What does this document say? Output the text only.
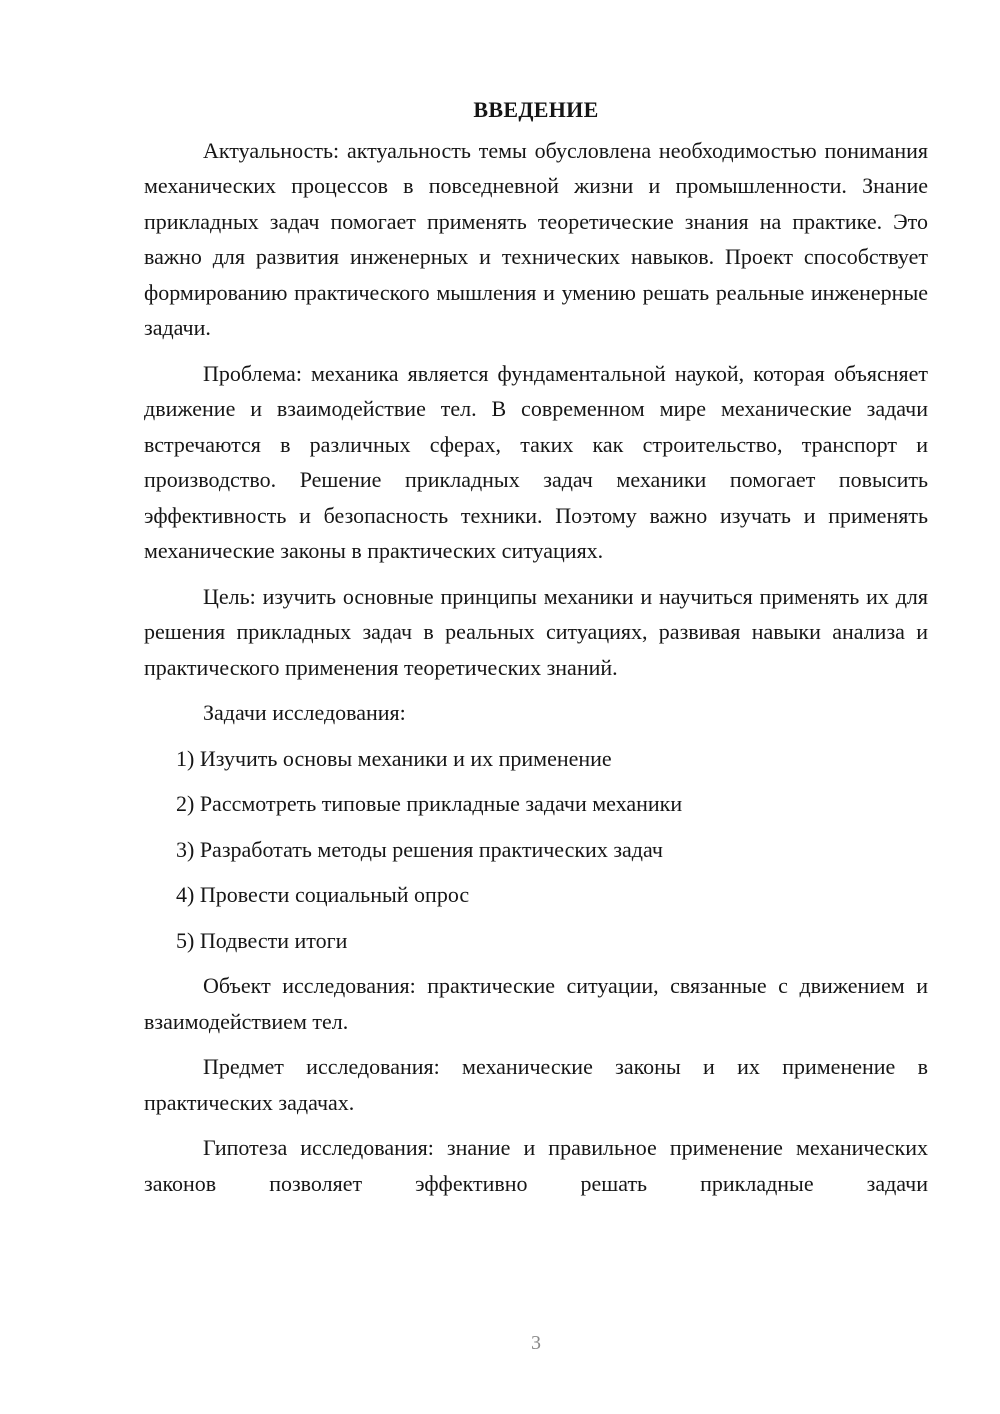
ВВЕДЕНИЕ

Актуальность: актуальность темы обусловлена необходимостью понимания механических процессов в повседневной жизни и промышленности. Знание прикладных задач помогает применять теоретические знания на практике. Это важно для развития инженерных и технических навыков. Проект способствует формированию практического мышления и умению решать реальные инженерные задачи.

Проблема: механика является фундаментальной наукой, которая объясняет движение и взаимодействие тел. В современном мире механические задачи встречаются в различных сферах, таких как строительство, транспорт и производство. Решение прикладных задач механики помогает повысить эффективность и безопасность техники. Поэтому важно изучать и применять механические законы в практических ситуациях.

Цель: изучить основные принципы механики и научиться применять их для решения прикладных задач в реальных ситуациях, развивая навыки анализа и практического применения теоретических знаний.

Задачи исследования:

1) Изучить основы механики и их применение
2) Рассмотреть типовые прикладные задачи механики
3) Разработать методы решения практических задач
4) Провести социальный опрос
5) Подвести итоги

Объект исследования: практические ситуации, связанные с движением и взаимодействием тел.

Предмет исследования: механические законы и их применение в практических задачах.

Гипотеза исследования: знание и правильное применение механических законов позволяет эффективно решать прикладные задачи

3
